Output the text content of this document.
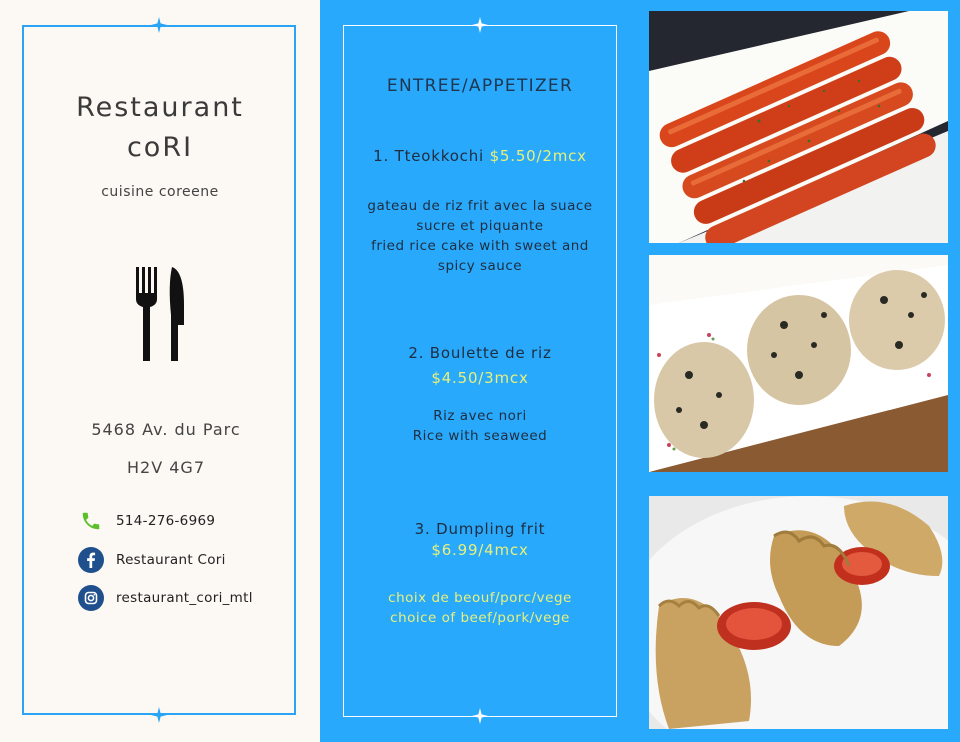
Restaurant
coRI
cuisine coreene
5468 Av. du Parc
H2V 4G7
514-276-6969
Restaurant Cori
restaurant_cori_mtl
ENTREE/APPETIZER
1. Tteokkochi $5.50/2mcx
gateau de riz frit avec la suace
sucre et piquante
fried rice cake with sweet and
spicy sauce
2. Boulette de riz
$4.50/3mcx
Riz avec nori
Rice with seaweed
3. Dumpling frit
$6.99/4mcx
choix de beouf/porc/vege
choice of beef/pork/vege
